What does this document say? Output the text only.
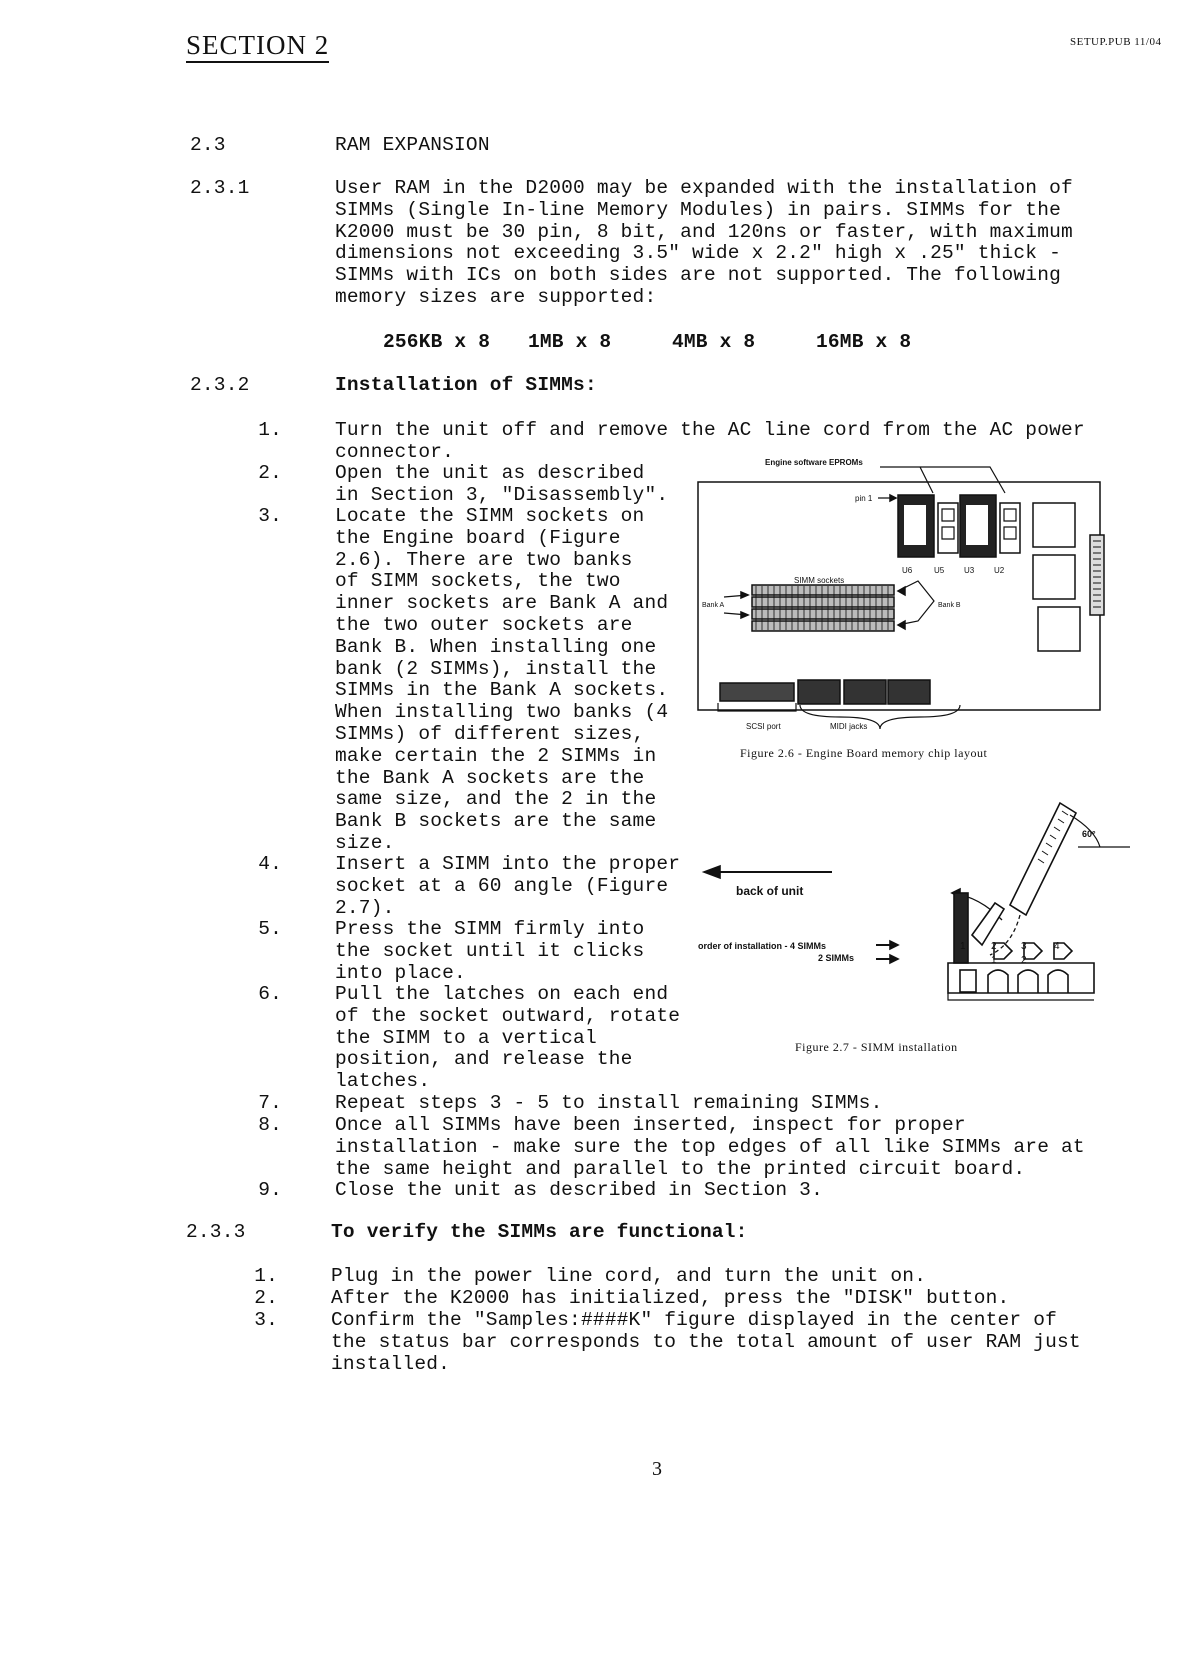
SECTION 2	SETUP.PUB 11/04
2.3	RAM EXPANSION
2.3.1	User RAM in the D2000 may be expanded with the installation of
SIMMs (Single In-line Memory Modules) in pairs. SIMMs for the
K2000 must be 30 pin, 8 bit, and 120ns or faster, with maximum
dimensions not exceeding 3.5" wide x 2.2" high x .25" thick -
SIMMs with ICs on both sides are not supported. The following
memory sizes are supported:
256KB x 8 1MB x 8	4MB x 8	16MB x 8
2.3.2	Installation of SIMMs:
1.	Turn the unit off and remove the AC line cord from the AC power
connector.
2.	Open the unit as described
in Section 3, "Disassembly".
3.	Locate the SIMM sockets on
the Engine board (Figure
2.6). There are two banks
of SIMM sockets, the two
inner sockets are Bank A and
the two outer sockets are
Bank B. When installing one
bank (2 SIMMs), install the
SIMMs in the Bank A sockets.
When installing two banks (4
SIMMs) of different sizes,
make certain the 2 SIMMs in
the Bank A sockets are the
same size, and the 2 in the
Bank B sockets are the same
size.
4.	Insert a SIMM into the proper
socket at a 60 angle (Figure
2.7).
5.	Press the SIMM firmly into
the socket until it clicks
into place.
6.	Pull the latches on each end
of the socket outward, rotate
the SIMM to a vertical
position, and release the
latches.
7.	Repeat steps 3 - 5 to install remaining SIMMs.
8.	Once all SIMMs have been inserted, inspect for proper
installation - make sure the top edges of all like SIMMs are at
the same height and parallel to the printed circuit board.
9.	Close the unit as described in Section 3.
2.3.3	To verify the SIMMs are functional:
1.	Plug in the power line cord, and turn the unit on.
2.	After the K2000 has initialized, press the "DISK" button.
3.	Confirm the "Samples:####K" figure displayed in the center of
the status bar corresponds to the total amount of user RAM just
installed.
3
Engine software EPROMs
pin 1
U6	U5 U3 U2
SIMM sockets
Bank A	Bank B
SCSI port	MIDI jacks
Figure 2.6 - Engine Board memory chip layout
60°
back of unit
order of installation - 4 SIMMs
2 SIMMs
1	2 3	4
1 2
Figure 2.7 - SIMM installation
